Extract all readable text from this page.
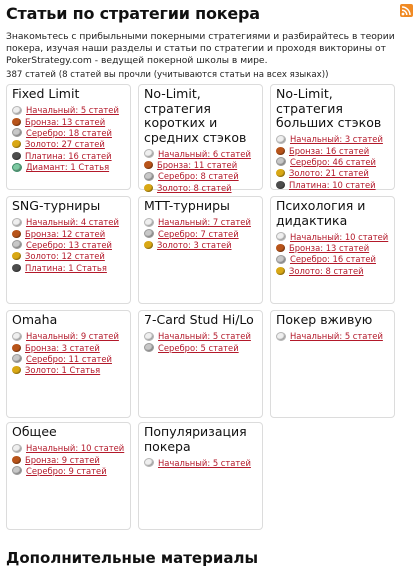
Статьи по стратегии покера
Знакомьтесь с прибыльными покерными стратегиями и разбирайтесь в теории покера, изучая наши разделы и статьи по стратегии и проходя викторины от PokerStrategy.com - ведущей покерной школы в мире.
387 статей (8 статей вы прочли (учитываются статьи на всех языках))
Fixed Limit
Начальный: 5 статей
Бронза: 13 статей
Серебро: 18 статей
Золото: 27 статей
Платина: 16 статей
Диамант: 1 Статья
No-Limit,
стратегия
коротких и
средних стэков
Начальный: 6 статей
Бронза: 11 статей
Серебро: 8 статей
Золото: 8 статей
No-Limit,
стратегия
больших стэков
Начальный: 3 статей
Бронза: 16 статей
Серебро: 46 статей
Золото: 21 статей
Платина: 10 статей
SNG-турниры
Начальный: 4 статей
Бронза: 12 статей
Серебро: 13 статей
Золото: 12 статей
Платина: 1 Статья
MTT-турниры
Начальный: 7 статей
Серебро: 7 статей
Золото: 3 статей
Психология и
дидактика
Начальный: 10 статей
Бронза: 13 статей
Серебро: 16 статей
Золото: 8 статей
Omaha
Начальный: 9 статей
Бронза: 3 статей
Серебро: 11 статей
Золото: 1 Статья
7-Card Stud Hi/Lo
Начальный: 5 статей
Серебро: 5 статей
Покер вживую
Начальный: 5 статей
Общее
Начальный: 10 статей
Бронза: 9 статей
Серебро: 9 статей
Популяризация
покера
Начальный: 5 статей
Дополнительные материалы
